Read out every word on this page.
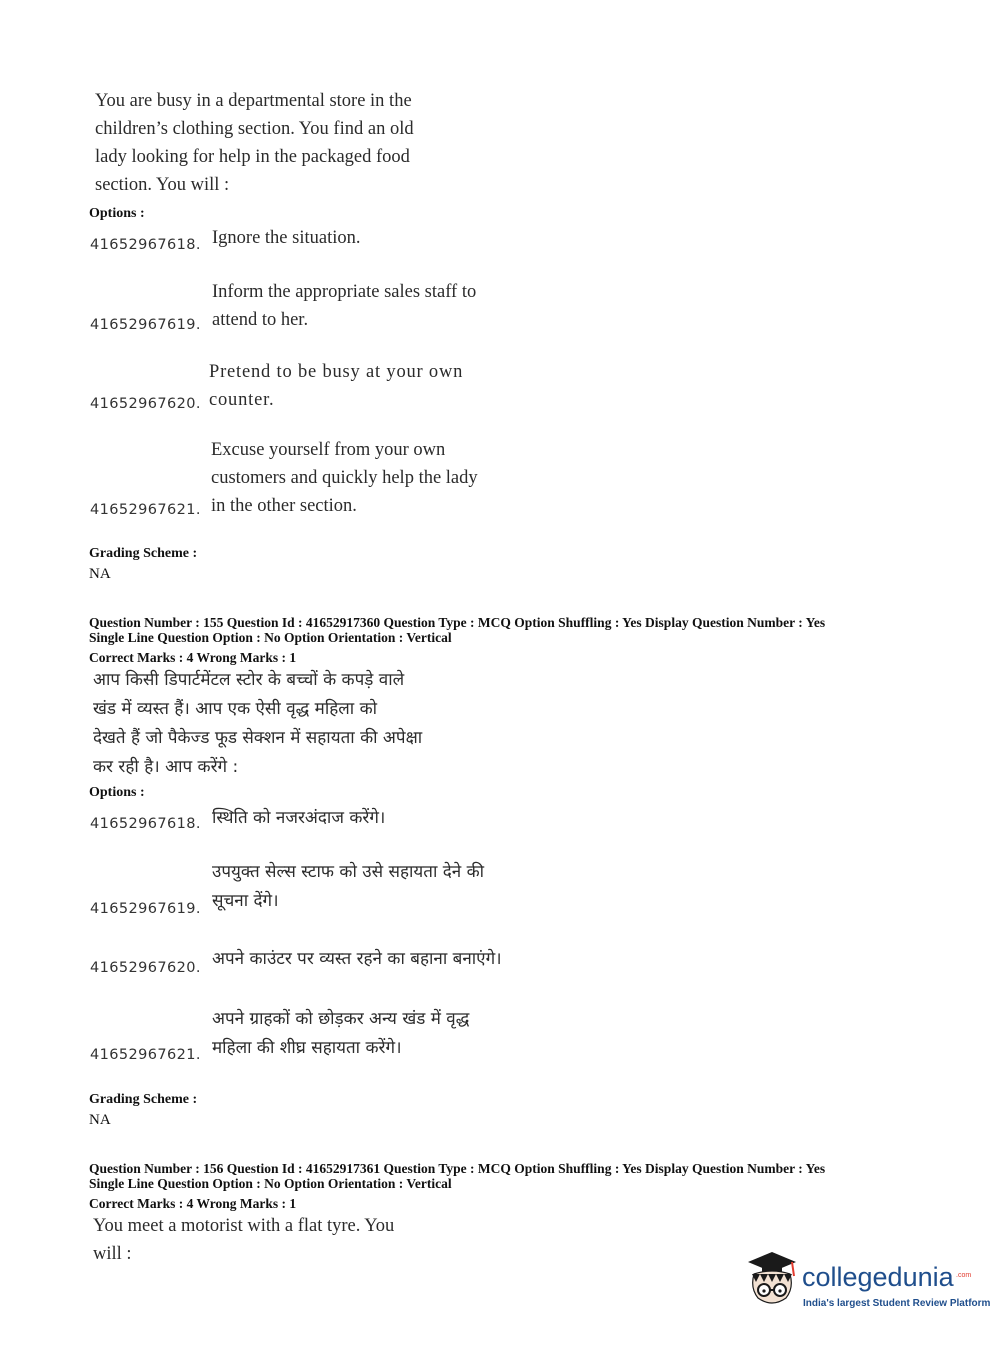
You are busy in a departmental store in the
children’s clothing section. You find an old
lady looking for help in the packaged food
section. You will :
Options :
41652967618. Ignore the situation.
Inform the appropriate sales staff to
attend to her.
41652967619.
Pretend to be busy at your own
counter.
41652967620.
Excuse yourself from your own
customers and quickly help the lady
in the other section.
41652967621.
Grading Scheme :
NA
Question Number : 155 Question Id : 41652917360 Question Type : MCQ Option Shuffling : Yes Display Question Number : Yes
Single Line Question Option : No Option Orientation : Vertical
Correct Marks : 4 Wrong Marks : 1
आप किसी डिपार्टमेंटल स्टोर के बच्चों के कपड़े वाले
खंड में व्यस्त हैं। आप एक ऐसी वृद्ध महिला को
देखते हैं जो पैकेज्ड फूड सेक्शन में सहायता की अपेक्षा
कर रही है। आप करेंगे :
Options :
41652967618. स्थिति को नजरअंदाज करेंगे।
उपयुक्त सेल्स स्टाफ को उसे सहायता देने की
सूचना देंगे।
41652967619.
अपने काउंटर पर व्यस्त रहने का बहाना बनाएंगे।
41652967620.
अपने ग्राहकों को छोड़कर अन्य खंड में वृद्ध
महिला की शीघ्र सहायता करेंगे।
41652967621.
Grading Scheme :
NA
Question Number : 156 Question Id : 41652917361 Question Type : MCQ Option Shuffling : Yes Display Question Number : Yes
Single Line Question Option : No Option Orientation : Vertical
Correct Marks : 4 Wrong Marks : 1
You meet a motorist with a flat tyre. You
will :
collegedunia .com
India's largest Student Review Platform
